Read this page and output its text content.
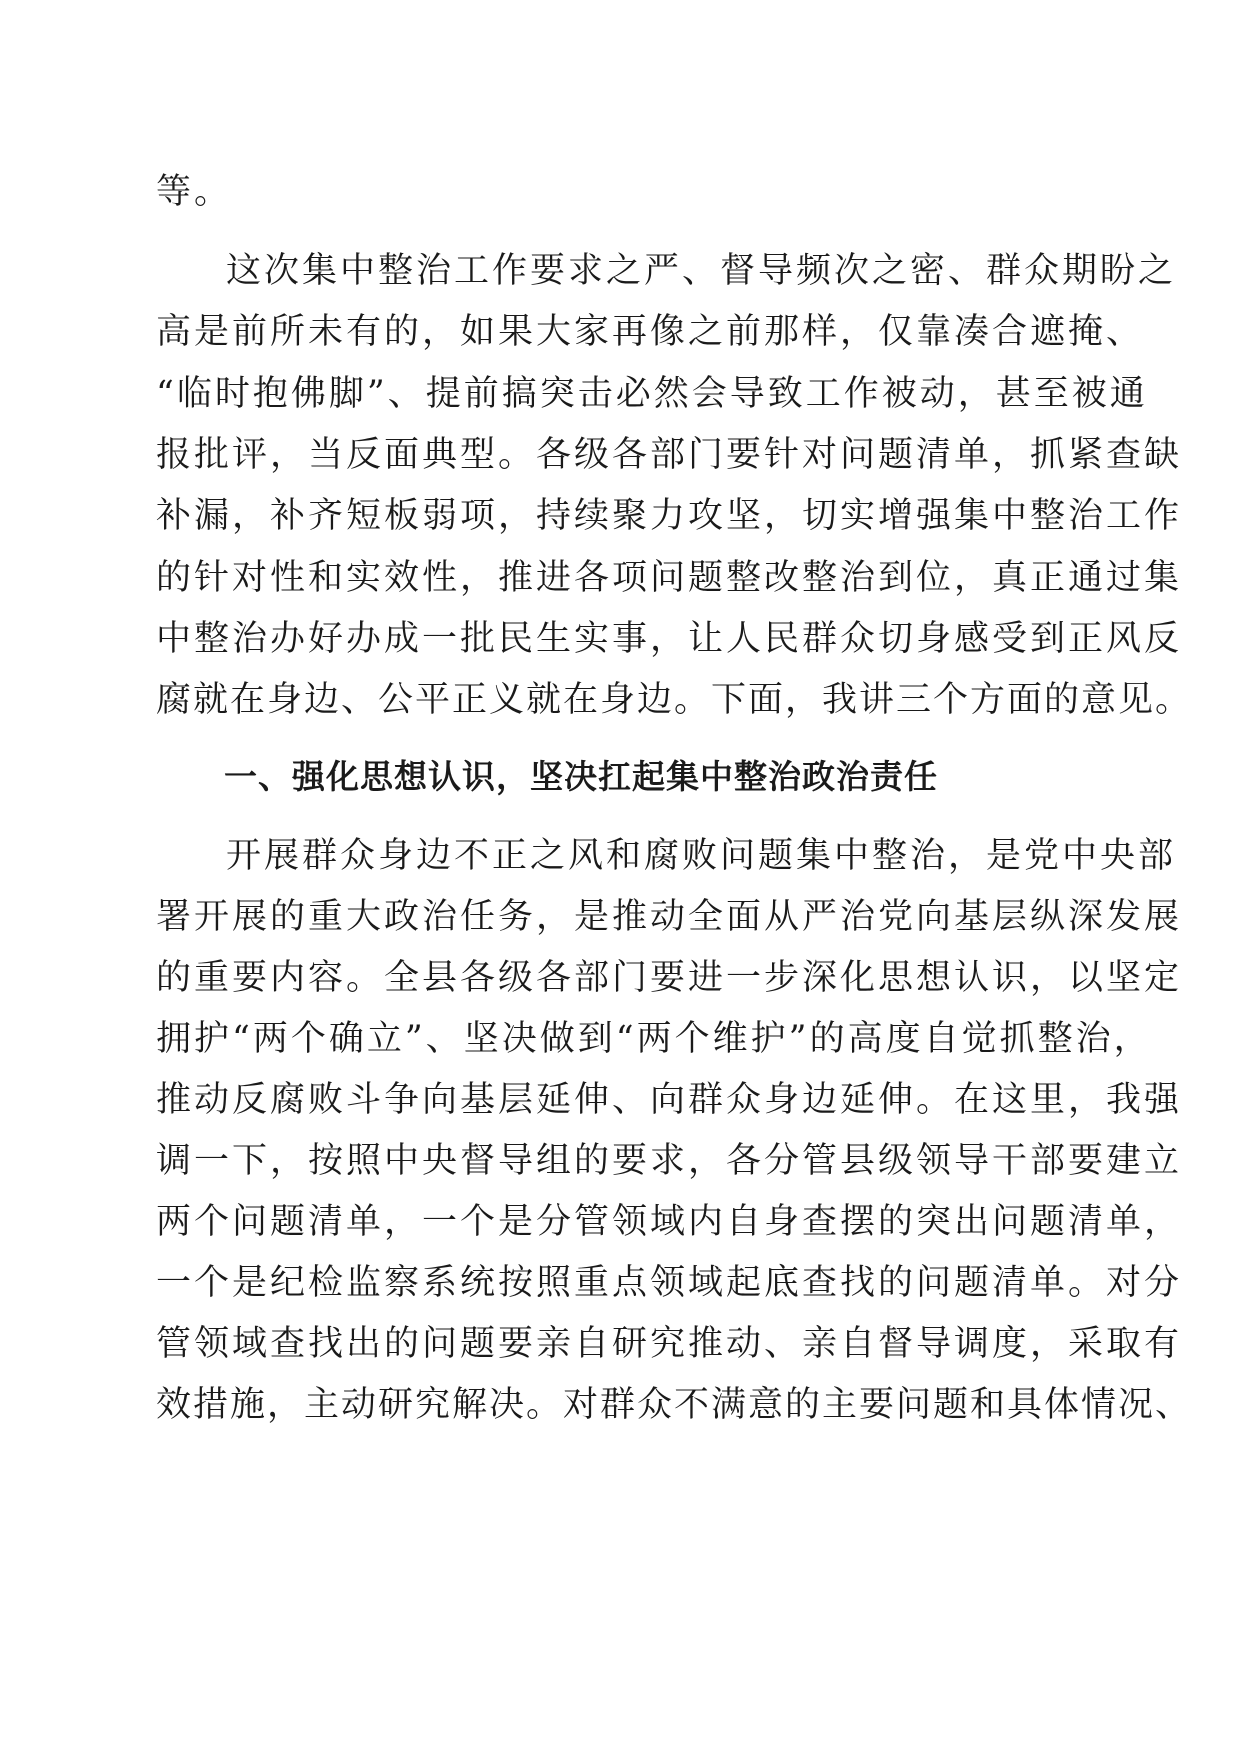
等。
这次集中整治工作要求之严、督导频次之密、群众期盼之
高是前所未有的，如果大家再像之前那样，仅靠凑合遮掩、
“临时抱佛脚”、提前搞突击必然会导致工作被动，甚至被通
报批评，当反面典型。各级各部门要针对问题清单，抓紧查缺
补漏，补齐短板弱项，持续聚力攻坚，切实增强集中整治工作
的针对性和实效性，推进各项问题整改整治到位，真正通过集
中整治办好办成一批民生实事，让人民群众切身感受到正风反
腐就在身边、公平正义就在身边。下面，我讲三个方面的意见。
一、强化思想认识，坚决扛起集中整治政治责任
开展群众身边不正之风和腐败问题集中整治，是党中央部
署开展的重大政治任务，是推动全面从严治党向基层纵深发展
的重要内容。全县各级各部门要进一步深化思想认识，以坚定
拥护“两个确立”、坚决做到“两个维护”的高度自觉抓整治，
推动反腐败斗争向基层延伸、向群众身边延伸。在这里，我强
调一下，按照中央督导组的要求，各分管县级领导干部要建立
两个问题清单，一个是分管领域内自身查摆的突出问题清单，
一个是纪检监察系统按照重点领域起底查找的问题清单。对分
管领域查找出的问题要亲自研究推动、亲自督导调度，采取有
效措施，主动研究解决。对群众不满意的主要问题和具体情况、
